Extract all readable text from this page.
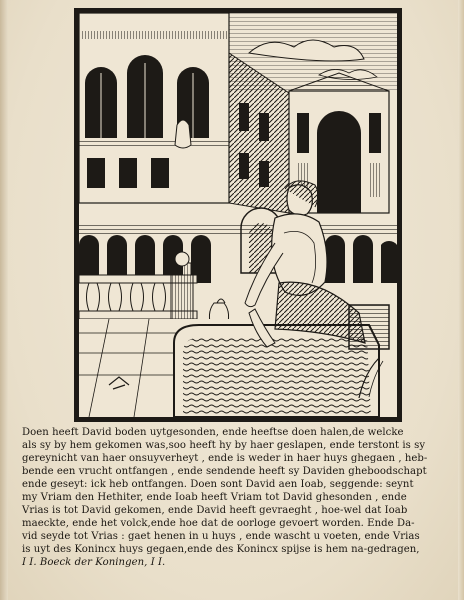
Doen heeft David boden uytgesonden, ende heeftse doen halen,de welcke
als sy by hem gekomen was,soo heeft hy by haer geslapen, ende terstont is sy
gereynicht van haer onsuyverheyt , ende is weder in haer huys ghegaen , heb-
bende een vrucht ontfangen , ende sendende heeft sy Daviden gheboodschapt
ende geseyt: ick heb ontfangen. Doen sont David aen Ioab, seggende: seynt
my Vriam den Hethiter, ende Ioab heeft Vriam tot David ghesonden , ende
Vrias is tot David gekomen, ende David heeft gevraeght , hoe-wel dat Ioab
maeckte, ende het volck,ende hoe dat de oorloge gevoert worden. Ende Da-
vid seyde tot Vrias : gaet henen in u huys , ende wascht u voeten, ende Vrias
is uyt des Konincx huys gegaen,ende des Konincx spijse is hem na-gedragen,
I I. Boeck der Koningen, I I.
